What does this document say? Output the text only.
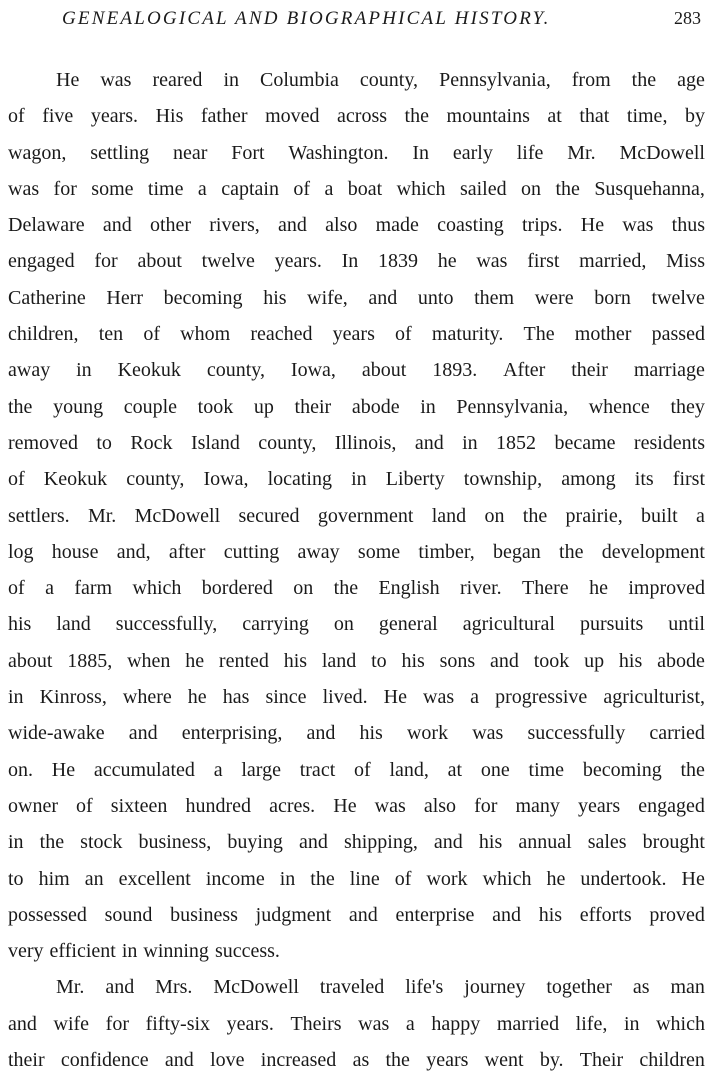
GENEALOGICAL AND BIOGRAPHICAL HISTORY.	283
He was reared in Columbia county, Pennsylvania, from the age
of five years. His father moved across the mountains at that time, by
wagon, settling near Fort Washington. In early life Mr. McDowell
was for some time a captain of a boat which sailed on the Susquehanna,
Delaware and other rivers, and also made coasting trips. He was thus
engaged for about twelve years. In 1839 he was first married, Miss
Catherine Herr becoming his wife, and unto them were born twelve
children, ten of whom reached years of maturity. The mother passed
away in Keokuk county, Iowa, about 1893. After their marriage
the young couple took up their abode in Pennsylvania, whence they
removed to Rock Island county, Illinois, and in 1852 became residents
of Keokuk county, Iowa, locating in Liberty township, among its first
settlers. Mr. McDowell secured government land on the prairie, built a
log house and, after cutting away some timber, began the development
of a farm which bordered on the English river. There he improved
his land successfully, carrying on general agricultural pursuits until
about 1885, when he rented his land to his sons and took up his abode
in Kinross, where he has since lived. He was a progressive agriculturist,
wide-awake and enterprising, and his work was successfully carried
on. He accumulated a large tract of land, at one time becoming the
owner of sixteen hundred acres. He was also for many years engaged
in the stock business, buying and shipping, and his annual sales brought
to him an excellent income in the line of work which he undertook. He
possessed sound business judgment and enterprise and his efforts proved
very efficient in winning success.
Mr. and Mrs. McDowell traveled life's journey together as man
and wife for fifty-six years. Theirs was a happy married life, in which
their confidence and love increased as the years went by. Their children
